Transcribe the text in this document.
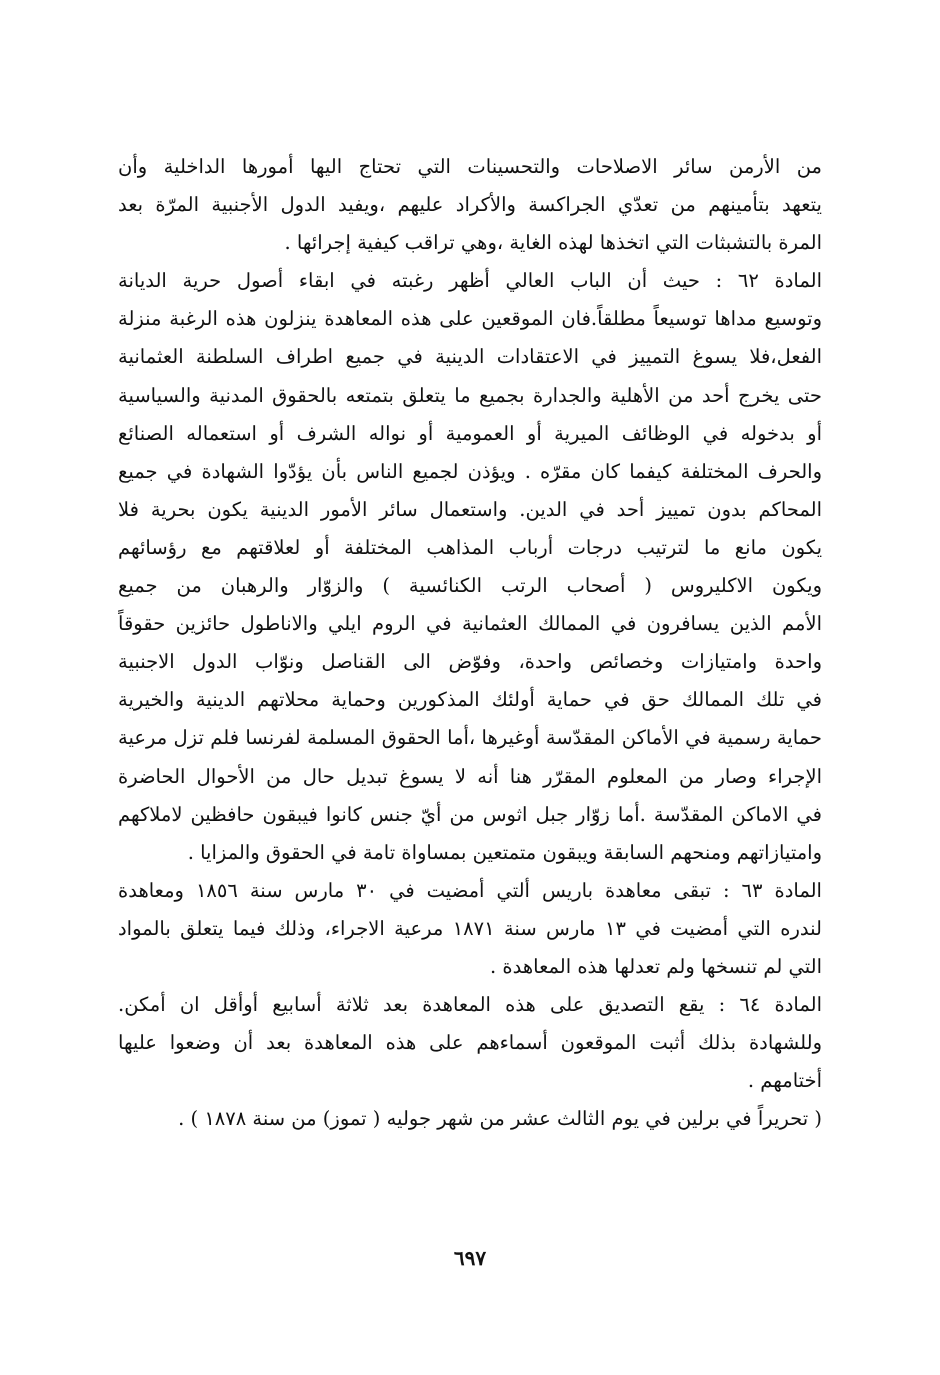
من الأرمن سائر الاصلاحات والتحسينات التي تحتاج اليها أمورها الداخلية وأن
يتعهد بتأمينهم من تعدّي الجراكسة والأكراد عليهم ،ويفيد الدول الأجنبية المرّة بعد
المرة بالتشبثات التي اتخذها لهذه الغاية ،وهي تراقب كيفية إجرائها .
المادة ٦٢ : حيث أن الباب العالي أظهر رغبته في ابقاء أصول حرية الديانة
وتوسيع مداها توسيعاً مطلقاً.فان الموقعين على هذه المعاهدة ينزلون هذه الرغبة منزلة
الفعل،فلا يسوغ التمييز في الاعتقادات الدينية في جميع اطراف السلطنة العثمانية
حتى يخرج أحد من الأهلية والجدارة بجميع ما يتعلق بتمتعه بالحقوق المدنية والسياسية
أو بدخوله في الوظائف الميرية أو العمومية أو نواله الشرف أو استعماله الصنائع
والحرف المختلفة كيفما كان مقرّه . ويؤذن لجميع الناس بأن يؤدّوا الشهادة في جميع
المحاكم بدون تمييز أحد في الدين. واستعمال سائر الأمور الدينية يكون بحرية فلا
يكون مانع ما لترتيب درجات أرباب المذاهب المختلفة أو لعلاقتهم مع رؤسائهم
ويكون الاكليروس ( أصحاب الرتب الكنائسية ) والزوّار والرهبان من جميع
الأمم الذين يسافرون في الممالك العثمانية في الروم ايلي والاناطول حائزين حقوقاً
واحدة وامتيازات وخصائص واحدة، وفوّض الى القناصل ونوّاب الدول الاجنبية
في تلك الممالك حق في حماية أولئك المذكورين وحماية محلاتهم الدينية والخيرية
حماية رسمية في الأماكن المقدّسة أوغيرها ،أما الحقوق المسلمة لفرنسا فلم تزل مرعية
الإجراء وصار من المعلوم المقرّر هنا أنه لا يسوغ تبديل حال من الأحوال الحاضرة
في الاماكن المقدّسة .أما زوّار جبل اثوس من أيّ جنس كانوا فيبقون حافظين لاملاكهم
وامتيازاتهم ومنحهم السابقة ويبقون متمتعين بمساواة تامة في الحقوق والمزايا .
المادة ٦٣ : تبقى معاهدة باريس ألتي أمضيت في ٣٠ مارس سنة ١٨٥٦ ومعاهدة
لندره التي أمضيت في ١٣ مارس سنة ١٨٧١ مرعية الاجراء، وذلك فيما يتعلق بالمواد
التي لم تنسخها ولم تعدلها هذه المعاهدة .
المادة ٦٤ : يقع التصديق على هذه المعاهدة بعد ثلاثة أسابيع أوأقل ان أمكن.
وللشهادة بذلك أثبت الموقعون أسماءهم على هذه المعاهدة بعد أن وضعوا عليها
أختامهم .
( تحريراً في برلين في يوم الثالث عشر من شهر جوليه ( تموز) من سنة ١٨٧٨ ) .
٦٩٧
